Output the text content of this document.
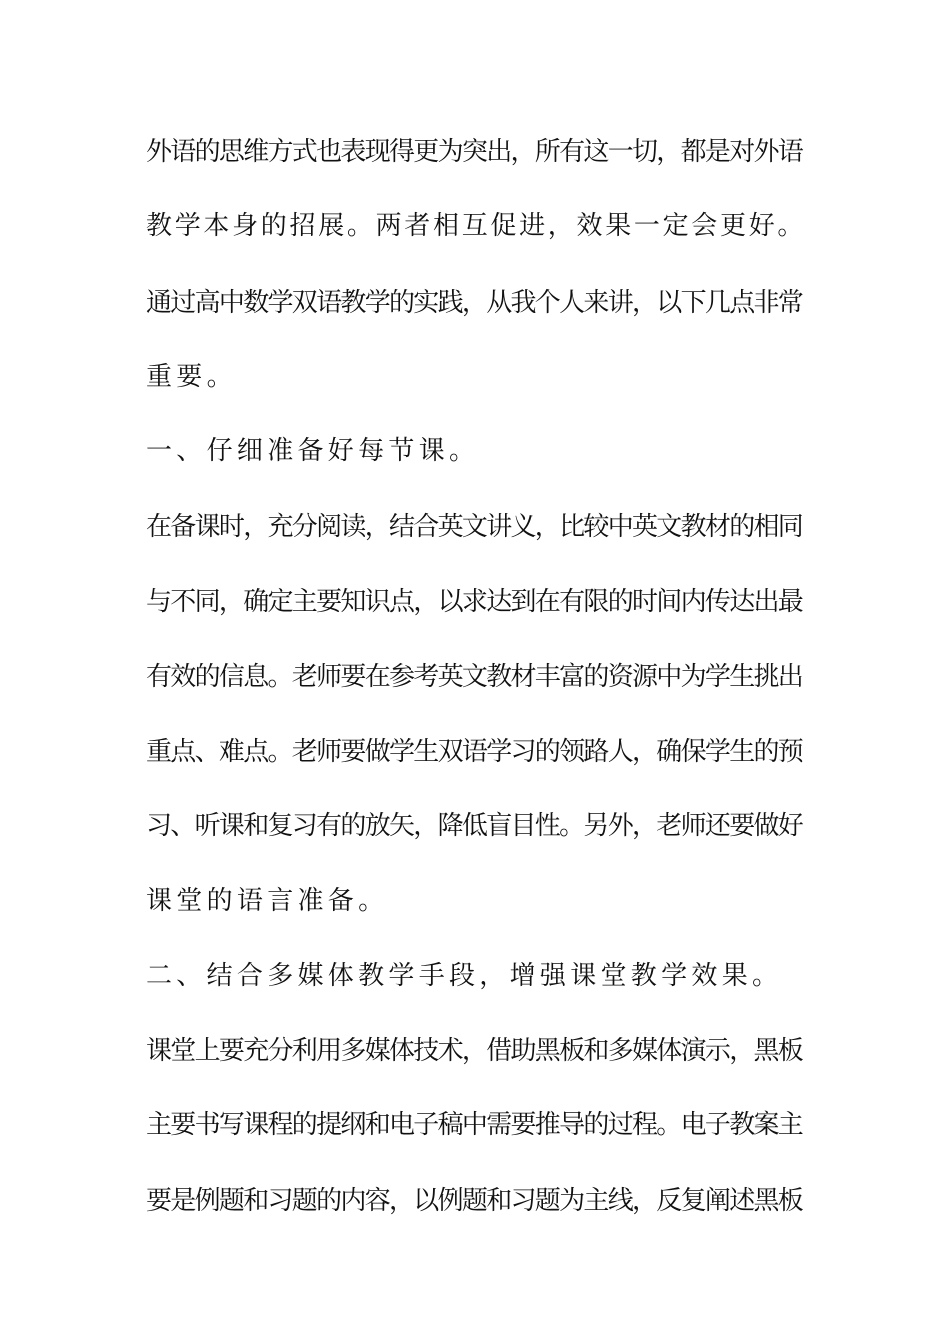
外语的思维方式也表现得更为突出，所有这一切，都是对外语
教学本身的招展。两者相互促进，效果一定会更好。
通过高中数学双语教学的实践，从我个人来讲，以下几点非常
重要。
一、仔细准备好每节课。
在备课时，充分阅读，结合英文讲义，比较中英文教材的相同
与不同，确定主要知识点，以求达到在有限的时间内传达出最
有效的信息。老师要在参考英文教材丰富的资源中为学生挑出
重点、难点。老师要做学生双语学习的领路人，确保学生的预
习、听课和复习有的放矢，降低盲目性。另外，老师还要做好
课堂的语言准备。
二、结合多媒体教学手段，增强课堂教学效果。
课堂上要充分利用多媒体技术，借助黑板和多媒体演示，黑板
主要书写课程的提纲和电子稿中需要推导的过程。电子教案主
要是例题和习题的内容，以例题和习题为主线，反复阐述黑板
